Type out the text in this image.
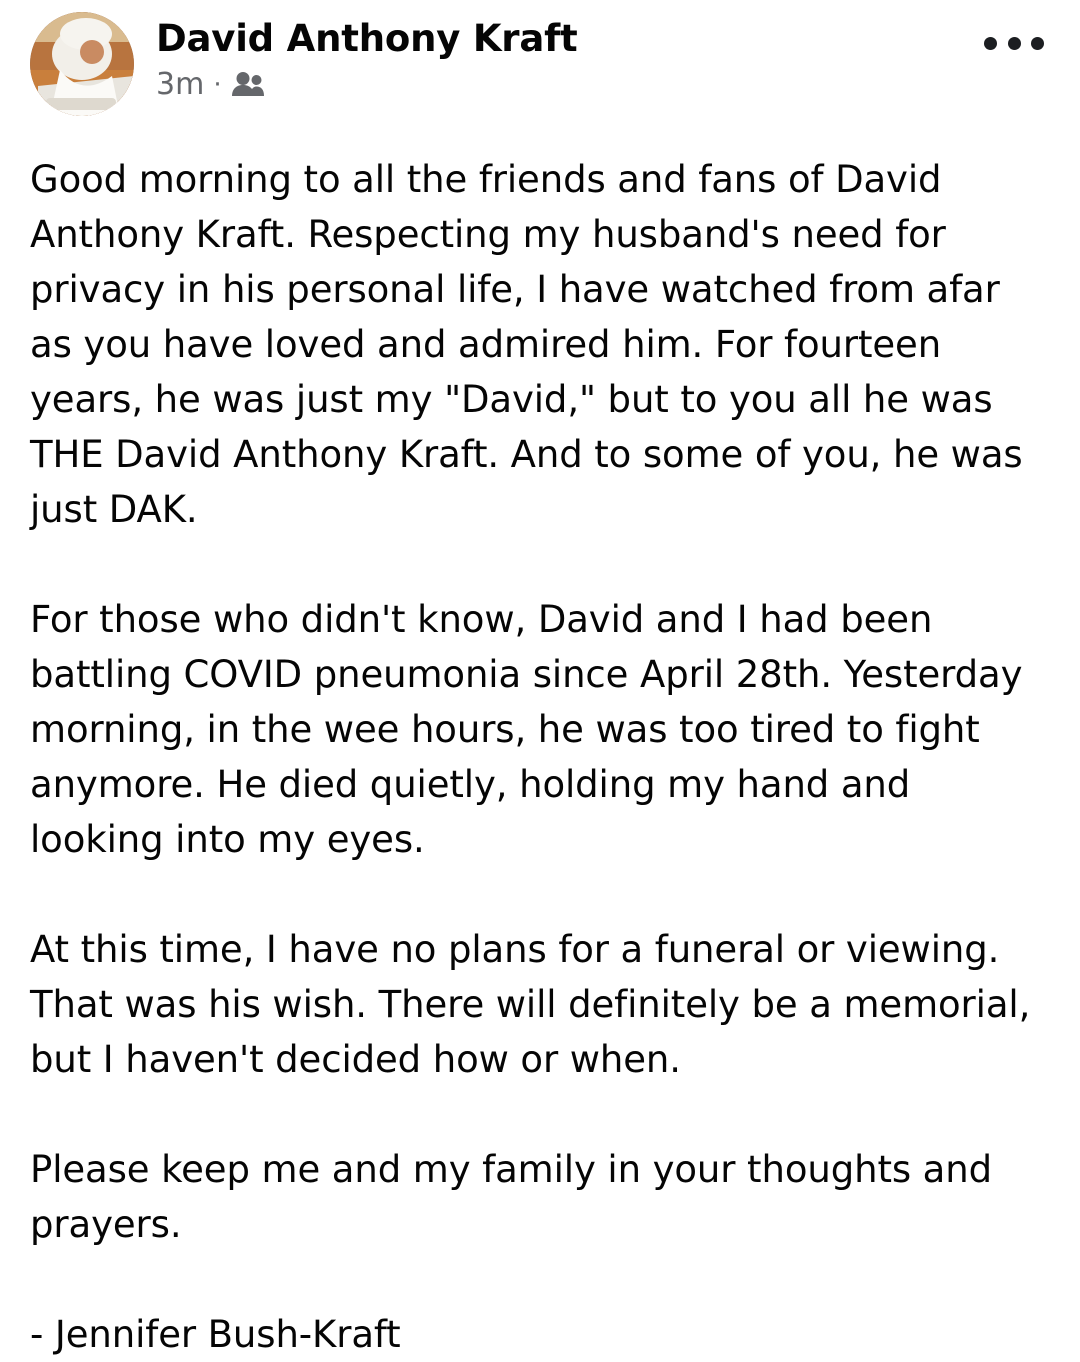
David Anthony Kraft
3m ·

Good morning to all the friends and fans of David Anthony Kraft. Respecting my husband's need for privacy in his personal life, I have watched from afar as you have loved and admired him. For fourteen years, he was just my "David," but to you all he was THE David Anthony Kraft. And to some of you, he was just DAK.

For those who didn't know, David and I had been battling COVID pneumonia since April 28th. Yesterday morning, in the wee hours, he was too tired to fight anymore. He died quietly, holding my hand and looking into my eyes.

At this time, I have no plans for a funeral or viewing. That was his wish. There will definitely be a memorial, but I haven't decided how or when.

Please keep me and my family in your thoughts and prayers.

- Jennifer Bush-Kraft
